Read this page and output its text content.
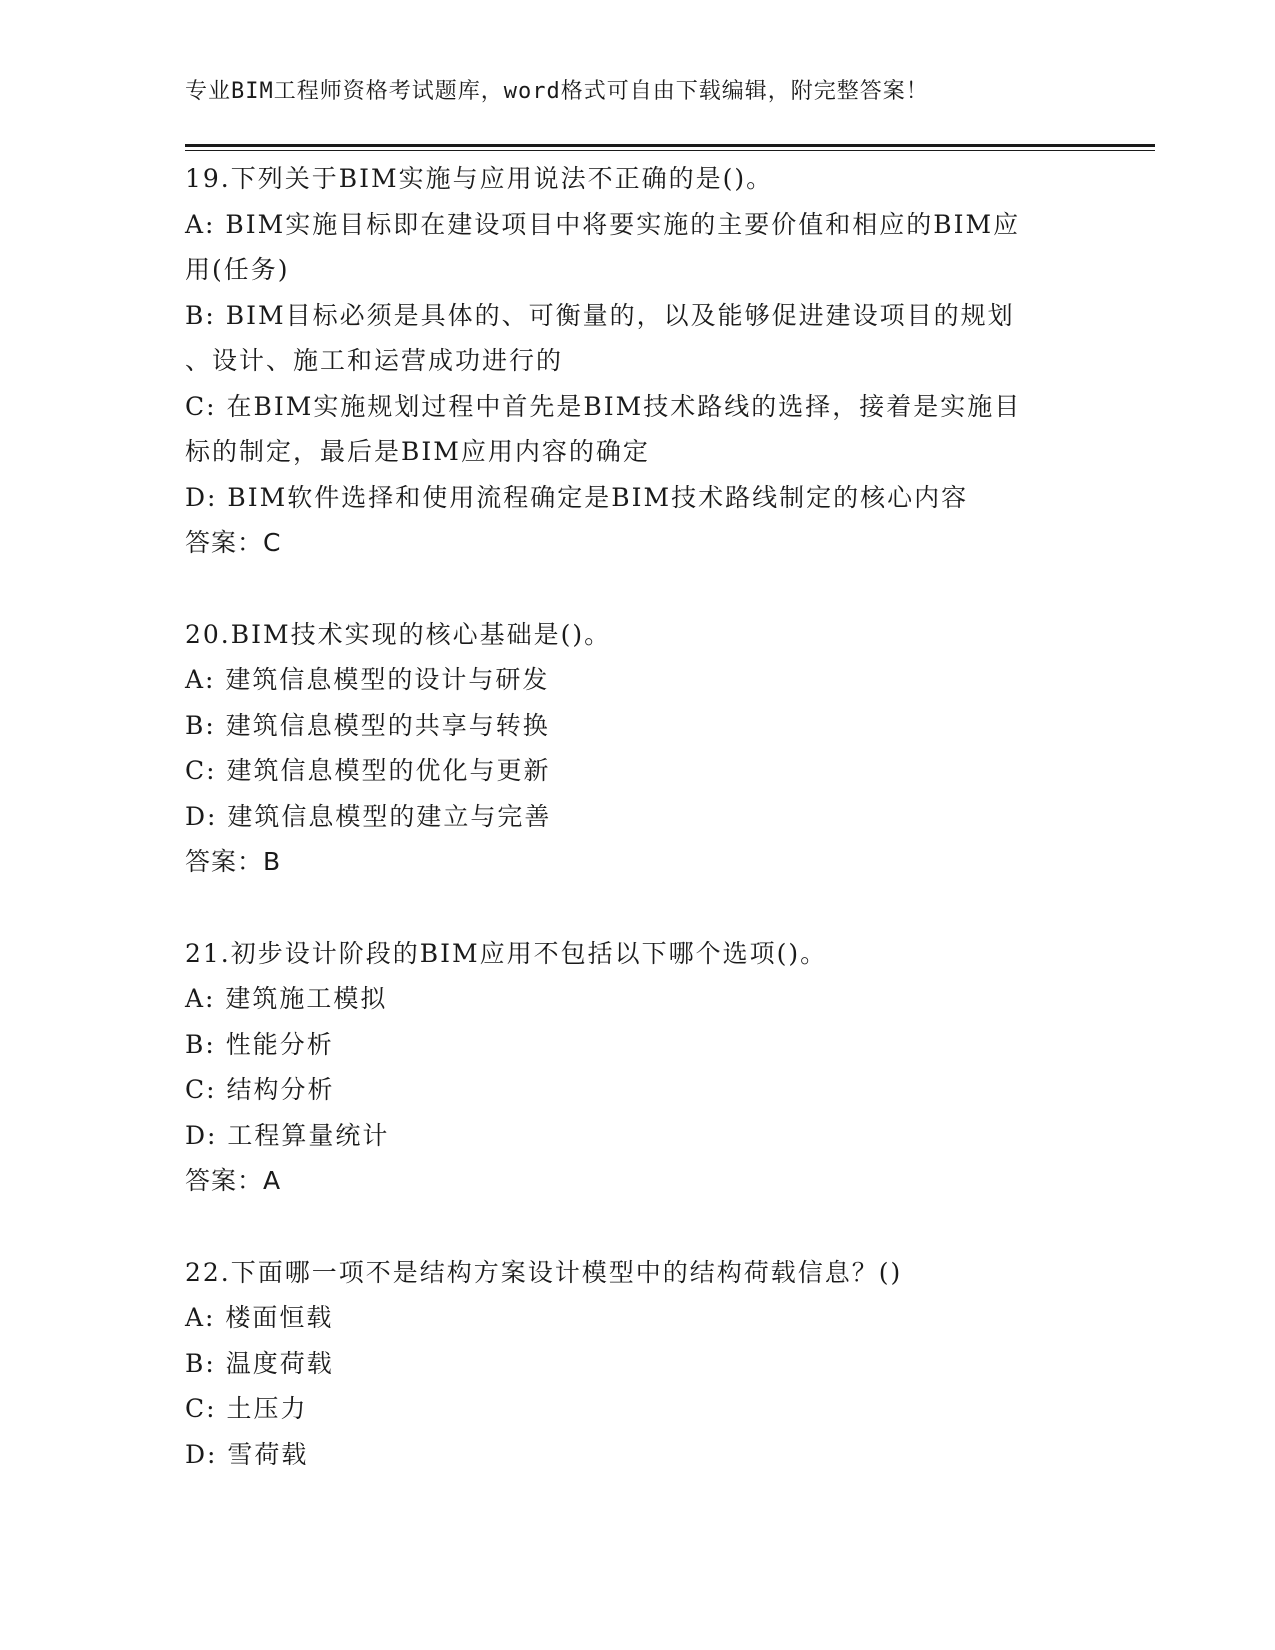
专业BIM工程师资格考试题库，word格式可自由下载编辑，附完整答案！
19.下列关于BIM实施与应用说法不正确的是()。
A: BIM实施目标即在建设项目中将要实施的主要价值和相应的BIM应
用(任务)
B: BIM目标必须是具体的、可衡量的，以及能够促进建设项目的规划
、设计、施工和运营成功进行的
C: 在BIM实施规划过程中首先是BIM技术路线的选择，接着是实施目
标的制定，最后是BIM应用内容的确定
D: BIM软件选择和使用流程确定是BIM技术路线制定的核心内容
答案：C
20.BIM技术实现的核心基础是()。
A: 建筑信息模型的设计与研发
B: 建筑信息模型的共享与转换
C: 建筑信息模型的优化与更新
D: 建筑信息模型的建立与完善
答案：B
21.初步设计阶段的BIM应用不包括以下哪个选项()。
A: 建筑施工模拟
B: 性能分析
C: 结构分析
D: 工程算量统计
答案：A
22.下面哪一项不是结构方案设计模型中的结构荷载信息？()
A: 楼面恒载
B: 温度荷载
C: 土压力
D: 雪荷载
